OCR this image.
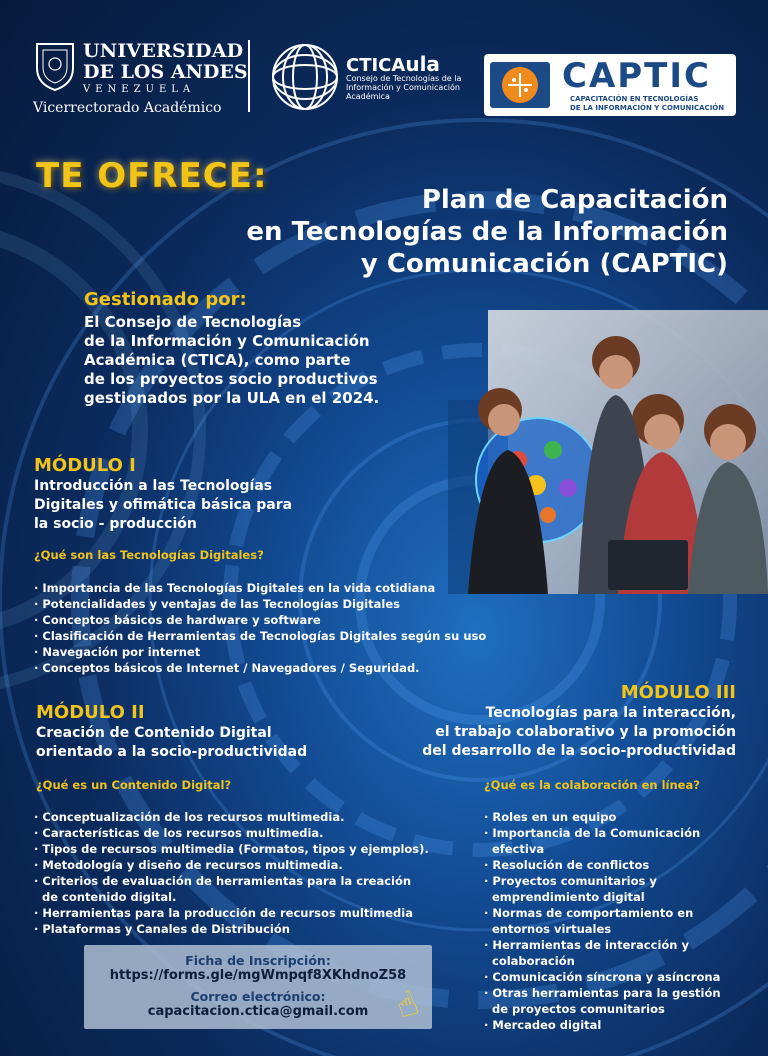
UNIVERSIDAD
DE LOS ANDES
VENEZUELA
Vicerrectorado Académico
CTICAula
Consejo de Tecnologías de la Información y Comunicación Académica
CAPTIC
CAPACITACIÓN EN TECNOLOGÍAS
DE LA INFORMACIÓN Y COMUNICACIÓN
TE OFRECE:
Plan de Capacitación
en Tecnologías de la Información
y Comunicación (CAPTIC)
Gestionado por:
El Consejo de Tecnologías
de la Información y Comunicación
Académica (CTICA), como parte
de los proyectos socio productivos
gestionados por la ULA en el 2024.
MÓDULO I
Introducción a las Tecnologías
Digitales y ofimática básica para
la socio - producción
¿Qué son las Tecnologías Digitales?
· Importancia de las Tecnologías Digitales en la vida cotidiana
· Potencialidades y ventajas de las Tecnologías Digitales
· Conceptos básicos de hardware y software
· Clasificación de Herramientas de Tecnologías Digitales según su uso
· Navegación por internet
· Conceptos básicos de Internet / Navegadores / Seguridad.
MÓDULO III
Tecnologías para la interacción,
el trabajo colaborativo y la promoción
del desarrollo de la socio-productividad
¿Qué es la colaboración en línea?
· Roles en un equipo
· Importancia de la Comunicación
efectiva
· Resolución de conflictos
· Proyectos comunitarios y
emprendimiento digital
· Normas de comportamiento en
entornos virtuales
· Herramientas de interacción y
colaboración
· Comunicación síncrona y asíncrona
· Otras herramientas para la gestión
de proyectos comunitarios
· Mercadeo digital
MÓDULO II
Creación de Contenido Digital
orientado a la socio-productividad
¿Qué es un Contenido Digital?
· Conceptualización de los recursos multimedia.
· Características de los recursos multimedia.
· Tipos de recursos multimedia (Formatos, tipos y ejemplos).
· Metodología y diseño de recursos multimedia.
· Criterios de evaluación de herramientas para la creación
de contenido digital.
· Herramientas para la producción de recursos multimedia
· Plataformas y Canales de Distribución
Ficha de Inscripción:
https://forms.gle/mgWmpqf8XKhdnoZ58
Correo electrónico:
capacitacion.ctica@gmail.com ☝
